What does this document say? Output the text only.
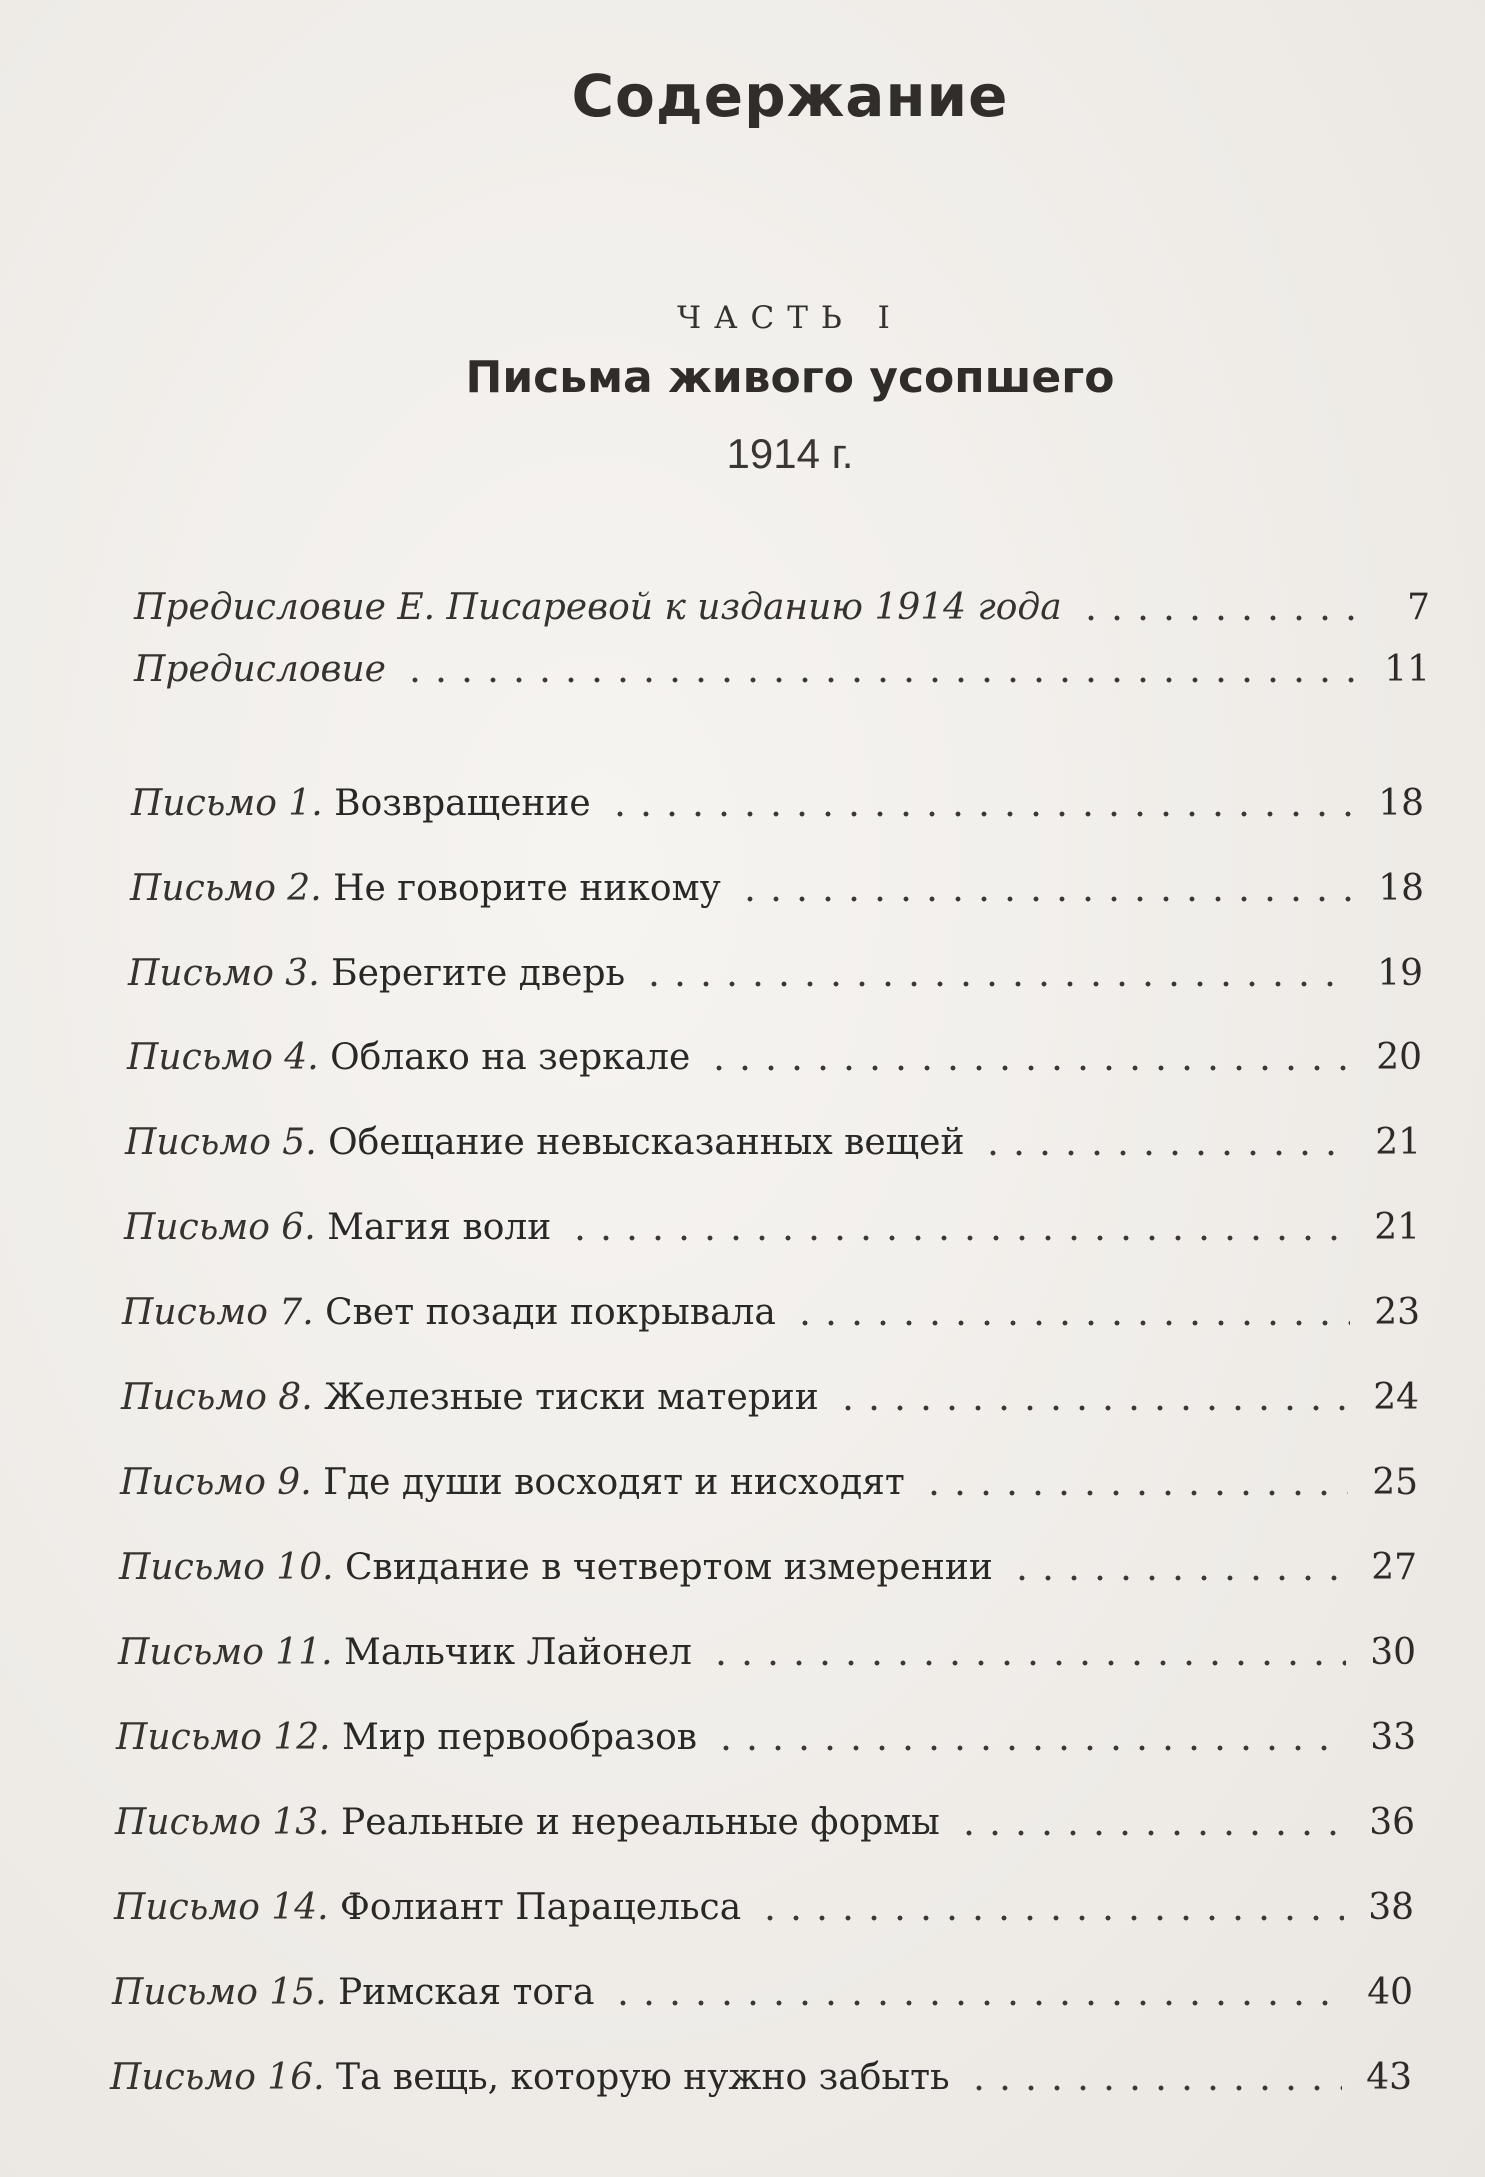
Содержание
ЧАСТЬ I
Письма живого усопшего
1914 г.
Предисловие Е. Писаревой к изданию 1914 года	7
Предисловие	11
Письмо 1. Возвращение	18
Письмо 2. Не говорите никому	18
Письмо 3. Берегите дверь	19
Письмо 4. Облако на зеркале	20
Письмо 5. Обещание невысказанных вещей	21
Письмо 6. Магия воли	21
Письмо 7. Свет позади покрывала	23
Письмо 8. Железные тиски материи	24
Письмо 9. Где души восходят и нисходят	25
Письмо 10. Свидание в четвертом измерении	27
Письмо 11. Мальчик Лайонел	30
Письмо 12. Мир первообразов	33
Письмо 13. Реальные и нереальные формы	36
Письмо 14. Фолиант Парацельса	38
Письмо 15. Римская тога	40
Письмо 16. Та вещь, которую нужно забыть	43
